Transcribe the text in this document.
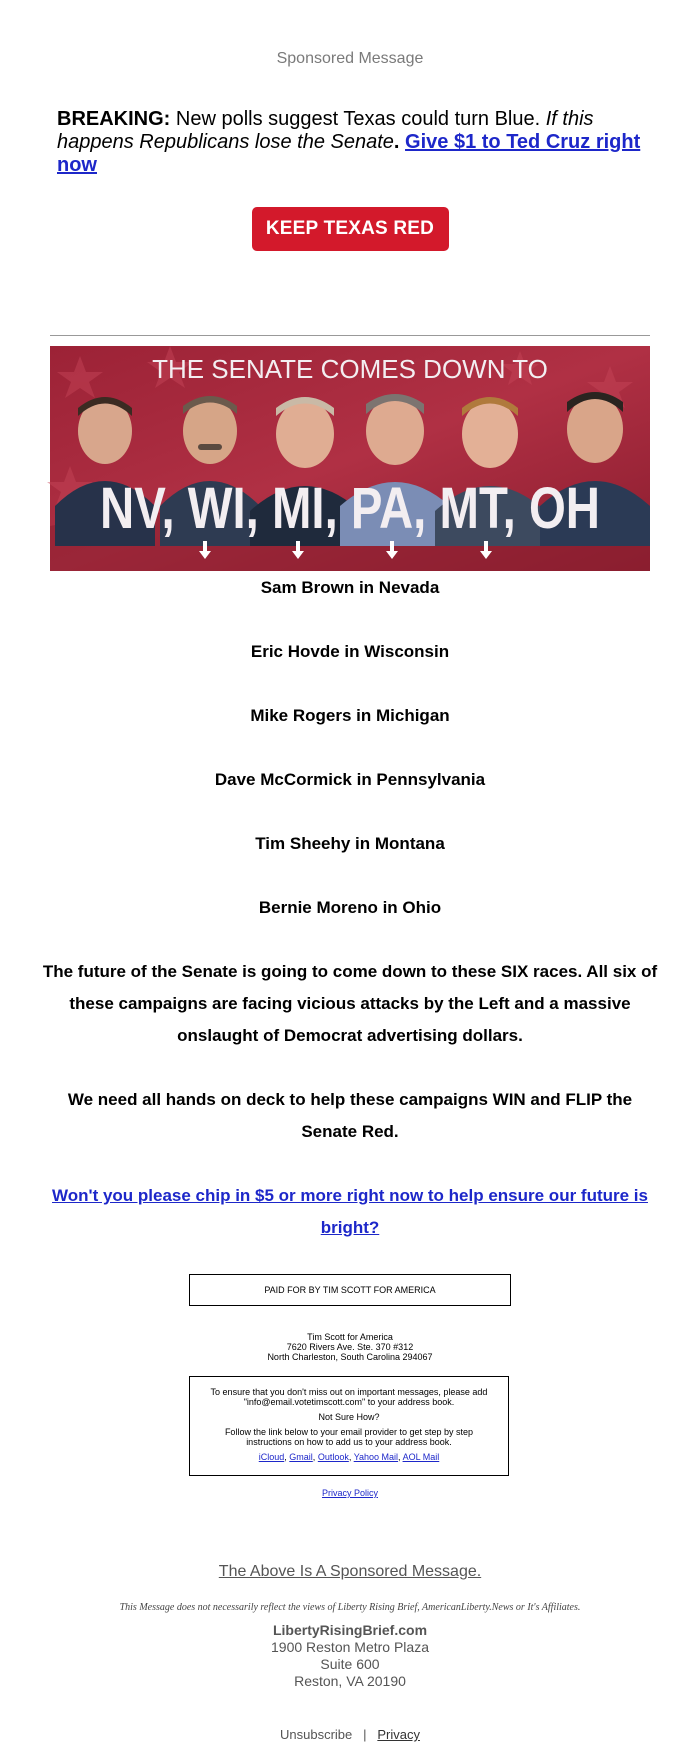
Sponsored Message
BREAKING: New polls suggest Texas could turn Blue. If this happens Republicans lose the Senate. Give $1 to Ted Cruz right now
KEEP TEXAS RED
THE SENATE COMES DOWN TO
NV, WI, MI, PA, MT, OH
Sam Brown in Nevada
Eric Hovde in Wisconsin
Mike Rogers in Michigan
Dave McCormick in Pennsylvania
Tim Sheehy in Montana
Bernie Moreno in Ohio

The future of the Senate is going to come down to these SIX races. All six of these campaigns are facing vicious attacks by the Left and a massive onslaught of Democrat advertising dollars.

We need all hands on deck to help these campaigns WIN and FLIP the Senate Red.

Won't you please chip in $5 or more right now to help ensure our future is bright?

PAID FOR BY TIM SCOTT FOR AMERICA
Tim Scott for America
7620 Rivers Ave. Ste. 370 #312
North Charleston, South Carolina 294067

To ensure that you don't miss out on important messages, please add "info@email.votetimscott.com" to your address book.

Not Sure How?

Follow the link below to your email provider to get step by step instructions on how to add us to your address book.

iCloud, Gmail, Outlook, Yahoo Mail, AOL Mail

Privacy Policy
The Above Is A Sponsored Message.
This Message does not necessarily reflect the views of Liberty Rising Brief, AmericanLiberty.News or It's Affiliates.
LibertyRisingBrief.com
1900 Reston Metro Plaza
Suite 600
Reston, VA 20190
Unsubscribe | Privacy
